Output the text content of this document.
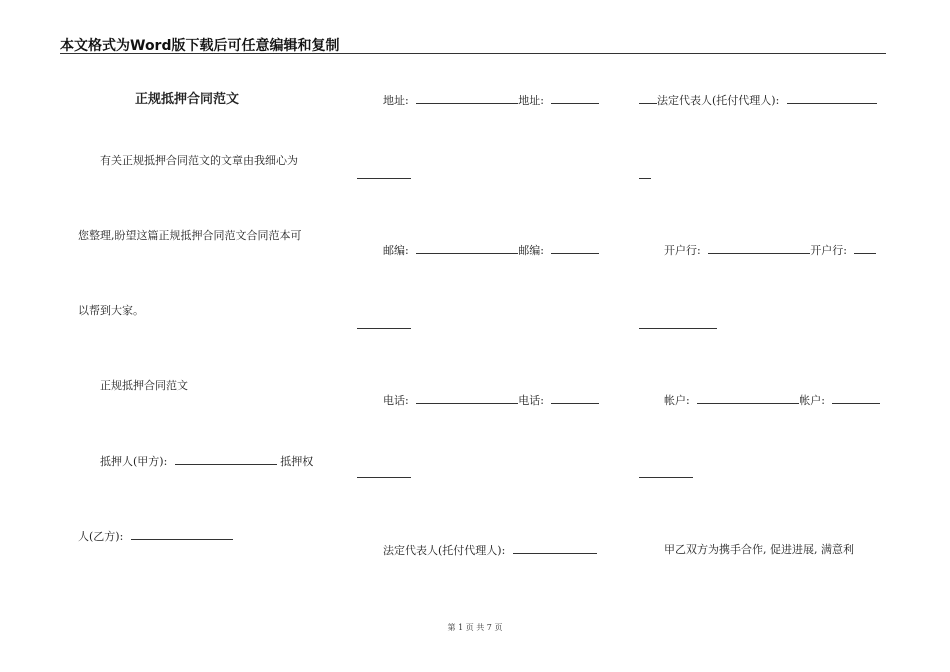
本文格式为Word版下载后可任意编辑和复制
正规抵押合同范文
有关正规抵押合同范文的文章由我细心为
您整理,盼望这篇正规抵押合同范文合同范本可
以帮到大家。
正规抵押合同范文
抵押人(甲方):	抵押权
人(乙方):
地址:	地址:
邮编:	邮编:
电话:	电话:
法定代表人(托付代理人):
法定代表人(托付代理人):
开户行:	开户行:
帐户:	帐户:
甲乙双方为携手合作, 促进进展, 满意利
第 1 页 共 7 页
